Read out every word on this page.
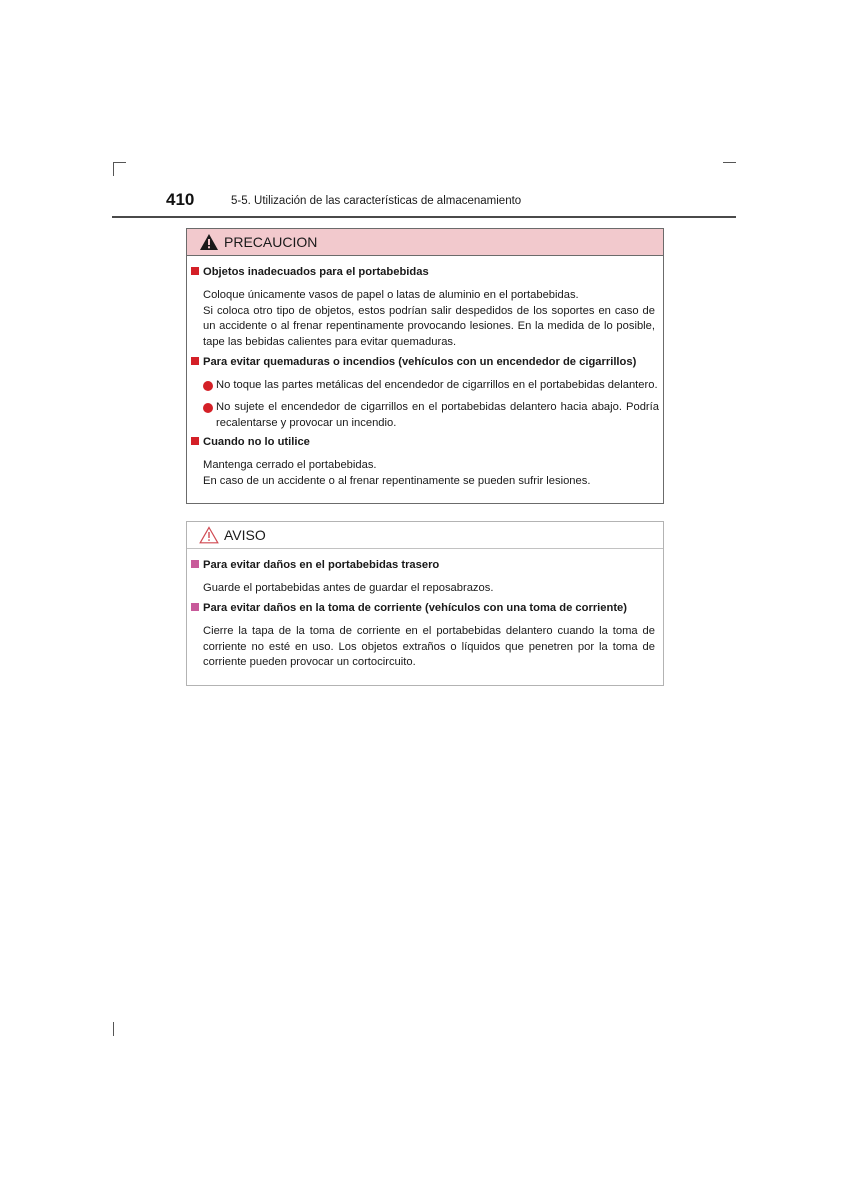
410	5-5. Utilización de las características de almacenamiento
PRECAUCION
Objetos inadecuados para el portabebidas
Coloque únicamente vasos de papel o latas de aluminio en el portabebidas.
Si coloca otro tipo de objetos, estos podrían salir despedidos de los soportes en caso de un accidente o al frenar repentinamente provocando lesiones. En la medida de lo posible, tape las bebidas calientes para evitar quemaduras.
Para evitar quemaduras o incendios (vehículos con un encendedor de cigarrillos)
No toque las partes metálicas del encendedor de cigarrillos en el portabebidas delantero.
No sujete el encendedor de cigarrillos en el portabebidas delantero hacia abajo. Podría recalentarse y provocar un incendio.
Cuando no lo utilice
Mantenga cerrado el portabebidas.
En caso de un accidente o al frenar repentinamente se pueden sufrir lesiones.
AVISO
Para evitar daños en el portabebidas trasero
Guarde el portabebidas antes de guardar el reposabrazos.
Para evitar daños en la toma de corriente (vehículos con una toma de corriente)
Cierre la tapa de la toma de corriente en el portabebidas delantero cuando la toma de corriente no esté en uso. Los objetos extraños o líquidos que penetren por la toma de corriente pueden provocar un cortocircuito.
